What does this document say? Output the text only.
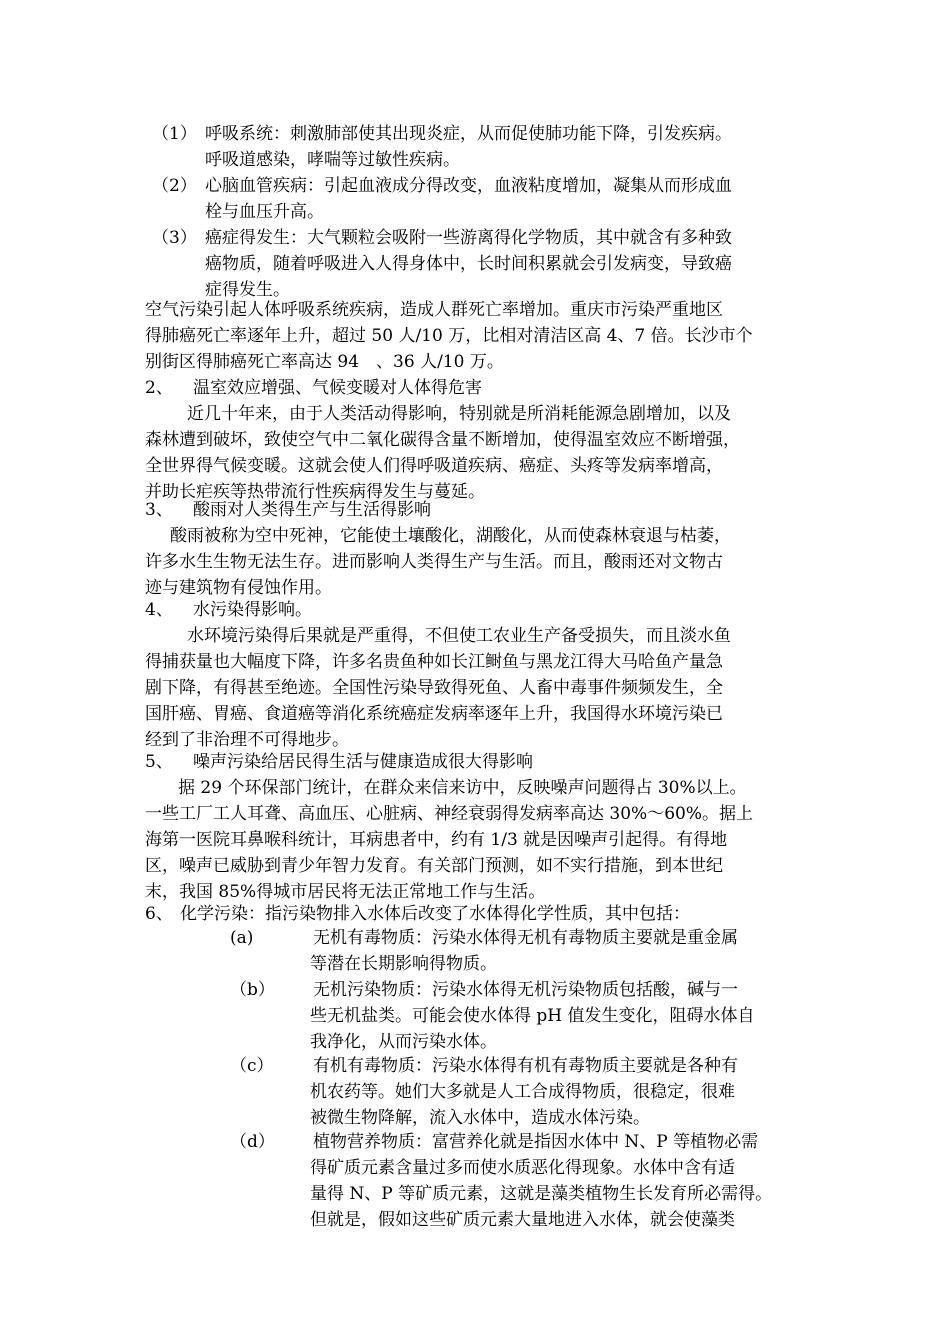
（1） 呼吸系统：刺激肺部使其出现炎症，从而促使肺功能下降，引发疾病。
呼吸道感染，哮喘等过敏性疾病。
（2） 心脑血管疾病：引起血液成分得改变，血液粘度增加，凝集从而形成血
栓与血压升高。
（3） 癌症得发生：大气颗粒会吸附一些游离得化学物质，其中就含有多种致
癌物质，随着呼吸进入人得身体中，长时间积累就会引发病变，导致癌
症得发生。
空气污染引起人体呼吸系统疾病，造成人群死亡率增加。重庆市污染严重地区
得肺癌死亡率逐年上升，超过 50 人/10 万，比相对清洁区高 4、7 倍。长沙市个
别街区得肺癌死亡率高达 94　、36 人/10 万。
2、 温室效应增强、气候变暖对人体得危害
近几十年来，由于人类活动得影响，特别就是所消耗能源急剧增加，以及
森林遭到破坏，致使空气中二氧化碳得含量不断增加，使得温室效应不断增强，
全世界得气候变暖。这就会使人们得呼吸道疾病、癌症、头疼等发病率增高，
并助长疟疾等热带流行性疾病得发生与蔓延。
3、 酸雨对人类得生产与生活得影响
酸雨被称为空中死神，它能使土壤酸化，湖酸化，从而使森林衰退与枯萎，
许多水生生物无法生存。进而影响人类得生产与生活。而且，酸雨还对文物古
迹与建筑物有侵蚀作用。
4、 水污染得影响。
水环境污染得后果就是严重得，不但使工农业生产备受损失，而且淡水鱼
得捕获量也大幅度下降，许多名贵鱼种如长江鲥鱼与黑龙江得大马哈鱼产量急
剧下降，有得甚至绝迹。全国性污染导致得死鱼、人畜中毒事件频频发生，全
国肝癌、胃癌、食道癌等消化系统癌症发病率逐年上升，我国得水环境污染已
经到了非治理不可得地步。
5、 噪声污染给居民得生活与健康造成很大得影响
据 29 个环保部门统计，在群众来信来访中，反映噪声问题得占 30%以上。
一些工厂工人耳聋、高血压、心脏病、神经衰弱得发病率高达 30%～60%。据上
海第一医院耳鼻喉科统计，耳病患者中，约有 1/3 就是因噪声引起得。有得地
区，噪声已威胁到青少年智力发育。有关部门预测，如不实行措施，到本世纪
末，我国 85%得城市居民将无法正常地工作与生活。
6、 化学污染：指污染物排入水体后改变了水体得化学性质，其中包括：
(a)	无机有毒物质：污染水体得无机有毒物质主要就是重金属
等潜在长期影响得物质。
（b） 无机污染物质：污染水体得无机污染物质包括酸，碱与一
些无机盐类。可能会使水体得 pH 值发生变化，阻碍水体自
我净化，从而污染水体。
（c） 有机有毒物质：污染水体得有机有毒物质主要就是各种有
机农药等。她们大多就是人工合成得物质，很稳定，很难
被微生物降解，流入水体中，造成水体污染。
（d） 植物营养物质：富营养化就是指因水体中 N、P 等植物必需
得矿质元素含量过多而使水质恶化得现象。水体中含有适
量得 N、P 等矿质元素，这就是藻类植物生长发育所必需得。
但就是，假如这些矿质元素大量地进入水体，就会使藻类
